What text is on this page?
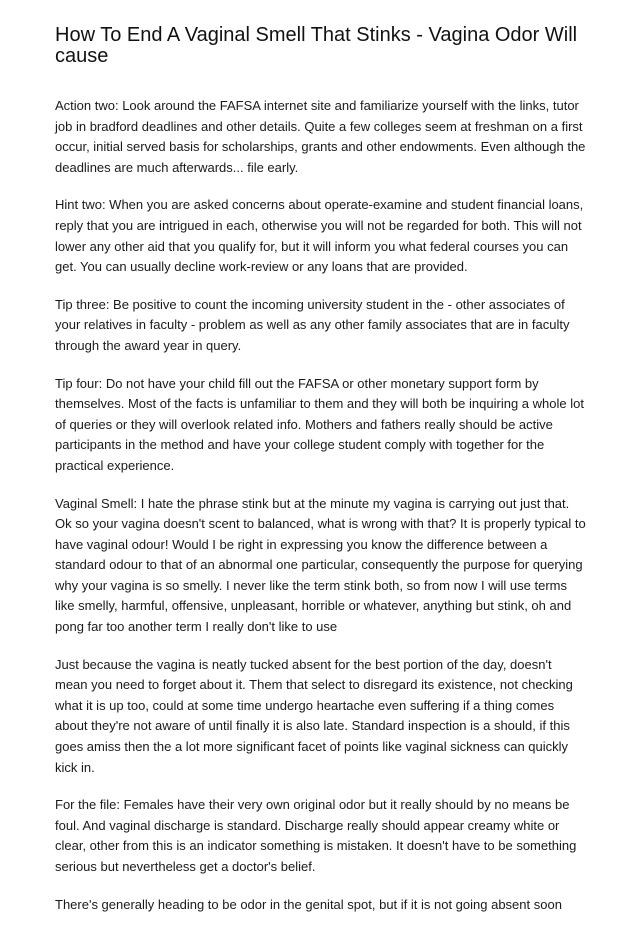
How To End A Vaginal Smell That Stinks - Vagina Odor Will cause

Action two: Look around the FAFSA internet site and familiarize yourself with the links, tutor job in bradford deadlines and other details. Quite a few colleges seem at freshman on a first occur, initial served basis for scholarships, grants and other endowments. Even although the deadlines are much afterwards... file early.

Hint two: When you are asked concerns about operate-examine and student financial loans, reply that you are intrigued in each, otherwise you will not be regarded for both. This will not lower any other aid that you qualify for, but it will inform you what federal courses you can get. You can usually decline work-review or any loans that are provided.

Tip three: Be positive to count the incoming university student in the - other associates of your relatives in faculty - problem as well as any other family associates that are in faculty through the award year in query.

Tip four: Do not have your child fill out the FAFSA or other monetary support form by themselves. Most of the facts is unfamiliar to them and they will both be inquiring a whole lot of queries or they will overlook related info. Mothers and fathers really should be active participants in the method and have your college student comply with together for the practical experience.

Vaginal Smell: I hate the phrase stink but at the minute my vagina is carrying out just that. Ok so your vagina doesn't scent to balanced, what is wrong with that? It is properly typical to have vaginal odour! Would I be right in expressing you know the difference between a standard odour to that of an abnormal one particular, consequently the purpose for querying why your vagina is so smelly. I never like the term stink both, so from now I will use terms like smelly, harmful, offensive, unpleasant, horrible or whatever, anything but stink, oh and pong far too another term I really don't like to use

Just because the vagina is neatly tucked absent for the best portion of the day, doesn't mean you need to forget about it. Them that select to disregard its existence, not checking what it is up too, could at some time undergo heartache even suffering if a thing comes about they're not aware of until finally it is also late. Standard inspection is a should, if this goes amiss then the a lot more significant facet of points like vaginal sickness can quickly kick in.

For the file: Females have their very own original odor but it really should by no means be foul. And vaginal discharge is standard. Discharge really should appear creamy white or clear, other from this is an indicator something is mistaken. It doesn't have to be something serious but nevertheless get a doctor's belief.

There's generally heading to be odor in the genital spot, but if it is not going absent soon
